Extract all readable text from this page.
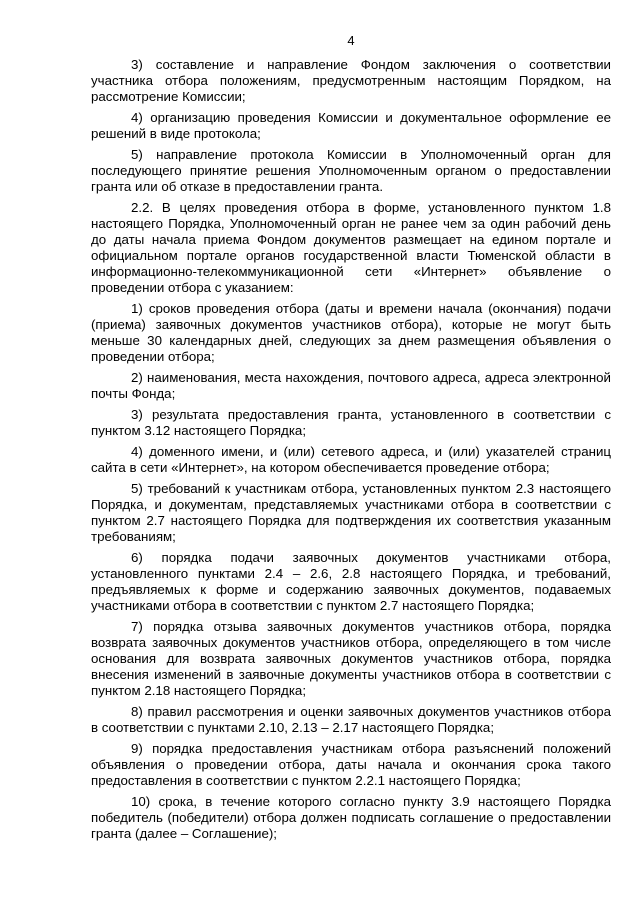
4

3) составление и направление Фондом заключения о соответствии участника отбора положениям, предусмотренным настоящим Порядком, на рассмотрение Комиссии;

4) организацию проведения Комиссии и документальное оформление ее решений в виде протокола;

5) направление протокола Комиссии в Уполномоченный орган для последующего принятие решения Уполномоченным органом о предоставлении гранта или об отказе в предоставлении гранта.

2.2. В целях проведения отбора в форме, установленного пунктом 1.8 настоящего Порядка, Уполномоченный орган не ранее чем за один рабочий день до даты начала приема Фондом документов размещает на едином портале и официальном портале органов государственной власти Тюменской области в информационно-телекоммуникационной сети «Интернет» объявление о проведении отбора с указанием:

1) сроков проведения отбора (даты и времени начала (окончания) подачи (приема) заявочных документов участников отбора), которые не могут быть меньше 30 календарных дней, следующих за днем размещения объявления о проведении отбора;

2) наименования, места нахождения, почтового адреса, адреса электронной почты Фонда;

3) результата предоставления гранта, установленного в соответствии с пунктом 3.12 настоящего Порядка;

4) доменного имени, и (или) сетевого адреса, и (или) указателей страниц сайта в сети «Интернет», на котором обеспечивается проведение отбора;

5) требований к участникам отбора, установленных пунктом 2.3 настоящего Порядка, и документам, представляемых участниками отбора в соответствии с пунктом 2.7 настоящего Порядка для подтверждения их соответствия указанным требованиям;

6) порядка подачи заявочных документов участниками отбора, установленного пунктами 2.4 – 2.6, 2.8 настоящего Порядка, и требований, предъявляемых к форме и содержанию заявочных документов, подаваемых участниками отбора в соответствии с пунктом 2.7 настоящего Порядка;

7) порядка отзыва заявочных документов участников отбора, порядка возврата заявочных документов участников отбора, определяющего в том числе основания для возврата заявочных документов участников отбора, порядка внесения изменений в заявочные документы участников отбора в соответствии с пунктом 2.18 настоящего Порядка;

8) правил рассмотрения и оценки заявочных документов участников отбора в соответствии с пунктами 2.10, 2.13 – 2.17 настоящего Порядка;

9) порядка предоставления участникам отбора разъяснений положений объявления о проведении отбора, даты начала и окончания срока такого предоставления в соответствии с пунктом 2.2.1 настоящего Порядка;

10) срока, в течение которого согласно пункту 3.9 настоящего Порядка победитель (победители) отбора должен подписать соглашение о предоставлении гранта (далее – Соглашение);
